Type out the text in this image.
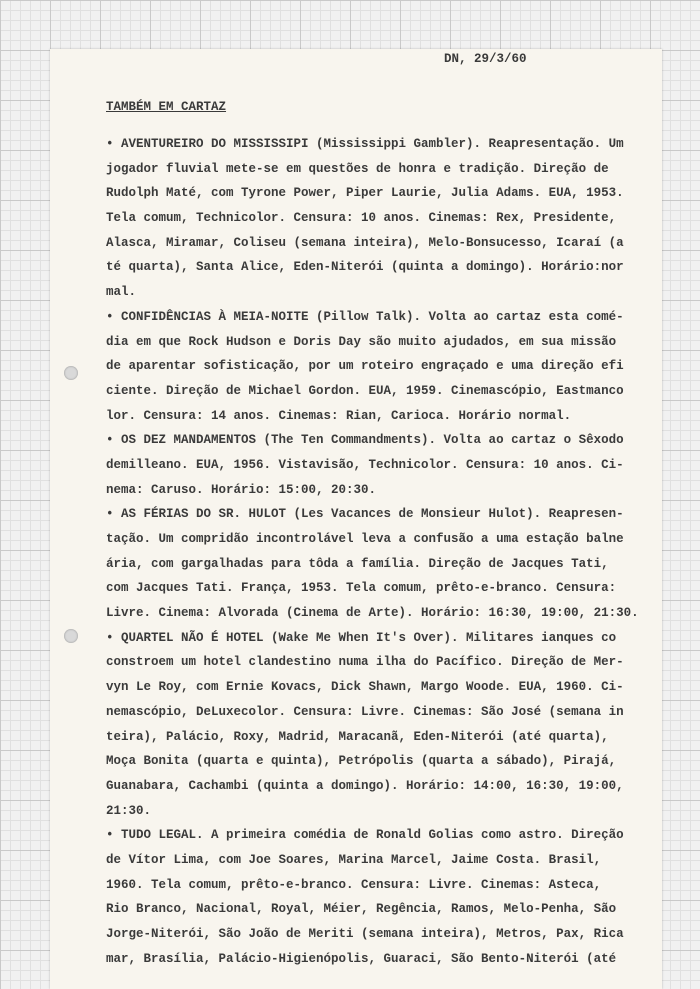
DN, 29/3/60
TAMBÉM EM CARTAZ
• AVENTUREIRO DO MISSISSIPI (Mississippi Gambler). Reapresentação. Um
jogador fluvial mete-se em questões de honra e tradição. Direção de
Rudolph Maté, com Tyrone Power, Piper Laurie, Julia Adams. EUA, 1953.
Tela comum, Technicolor. Censura: 10 anos. Cinemas: Rex, Presidente,
Alasca, Miramar, Coliseu (semana inteira), Melo-Bonsucesso, Icaraí (a
té quarta), Santa Alice, Eden-Niterói (quinta a domingo). Horário:nor
mal.
• CONFIDÊNCIAS À MEIA-NOITE (Pillow Talk). Volta ao cartaz esta comé-
dia em que Rock Hudson e Doris Day são muito ajudados, em sua missão
de aparentar sofisticação, por um roteiro engraçado e uma direção efi
ciente. Direção de Michael Gordon. EUA, 1959. Cinemascópio, Eastmanco
lor. Censura: 14 anos. Cinemas: Rian, Carioca. Horário normal.
• OS DEZ MANDAMENTOS (The Ten Commandments). Volta ao cartaz o Sêxodo
demilleano. EUA, 1956. Vistavisão, Technicolor. Censura: 10 anos. Ci-
nema: Caruso. Horário: 15:00, 20:30.
• AS FÉRIAS DO SR. HULOT (Les Vacances de Monsieur Hulot). Reapresen-
tação. Um compridão incontrolável leva a confusão a uma estação balne
ária, com gargalhadas para tôda a família. Direção de Jacques Tati,
com Jacques Tati. França, 1953. Tela comum, prêto-e-branco. Censura:
Livre. Cinema: Alvorada (Cinema de Arte). Horário: 16:30, 19:00, 21:30.
• QUARTEL NÃO É HOTEL (Wake Me When It's Over). Militares ianques co
constroem um hotel clandestino numa ilha do Pacífico. Direção de Mer-
vyn Le Roy, com Ernie Kovacs, Dick Shawn, Margo Woode. EUA, 1960. Ci-
nemascópio, DeLuxecolor. Censura: Livre. Cinemas: São José (semana in
teira), Palácio, Roxy, Madrid, Maracanã, Eden-Niterói (até quarta),
Moça Bonita (quarta e quinta), Petrópolis (quarta a sábado), Pirajá,
Guanabara, Cachambi (quinta a domingo). Horário: 14:00, 16:30, 19:00,
21:30.
• TUDO LEGAL. A primeira comédia de Ronald Golias como astro. Direção
de Vítor Lima, com Joe Soares, Marina Marcel, Jaime Costa. Brasil,
1960. Tela comum, prêto-e-branco. Censura: Livre. Cinemas: Asteca,
Rio Branco, Nacional, Royal, Méier, Regência, Ramos, Melo-Penha, São
Jorge-Niterói, São João de Meriti (semana inteira), Metros, Pax, Rica
mar, Brasília, Palácio-Higienópolis, Guaraci, São Bento-Niterói (até
